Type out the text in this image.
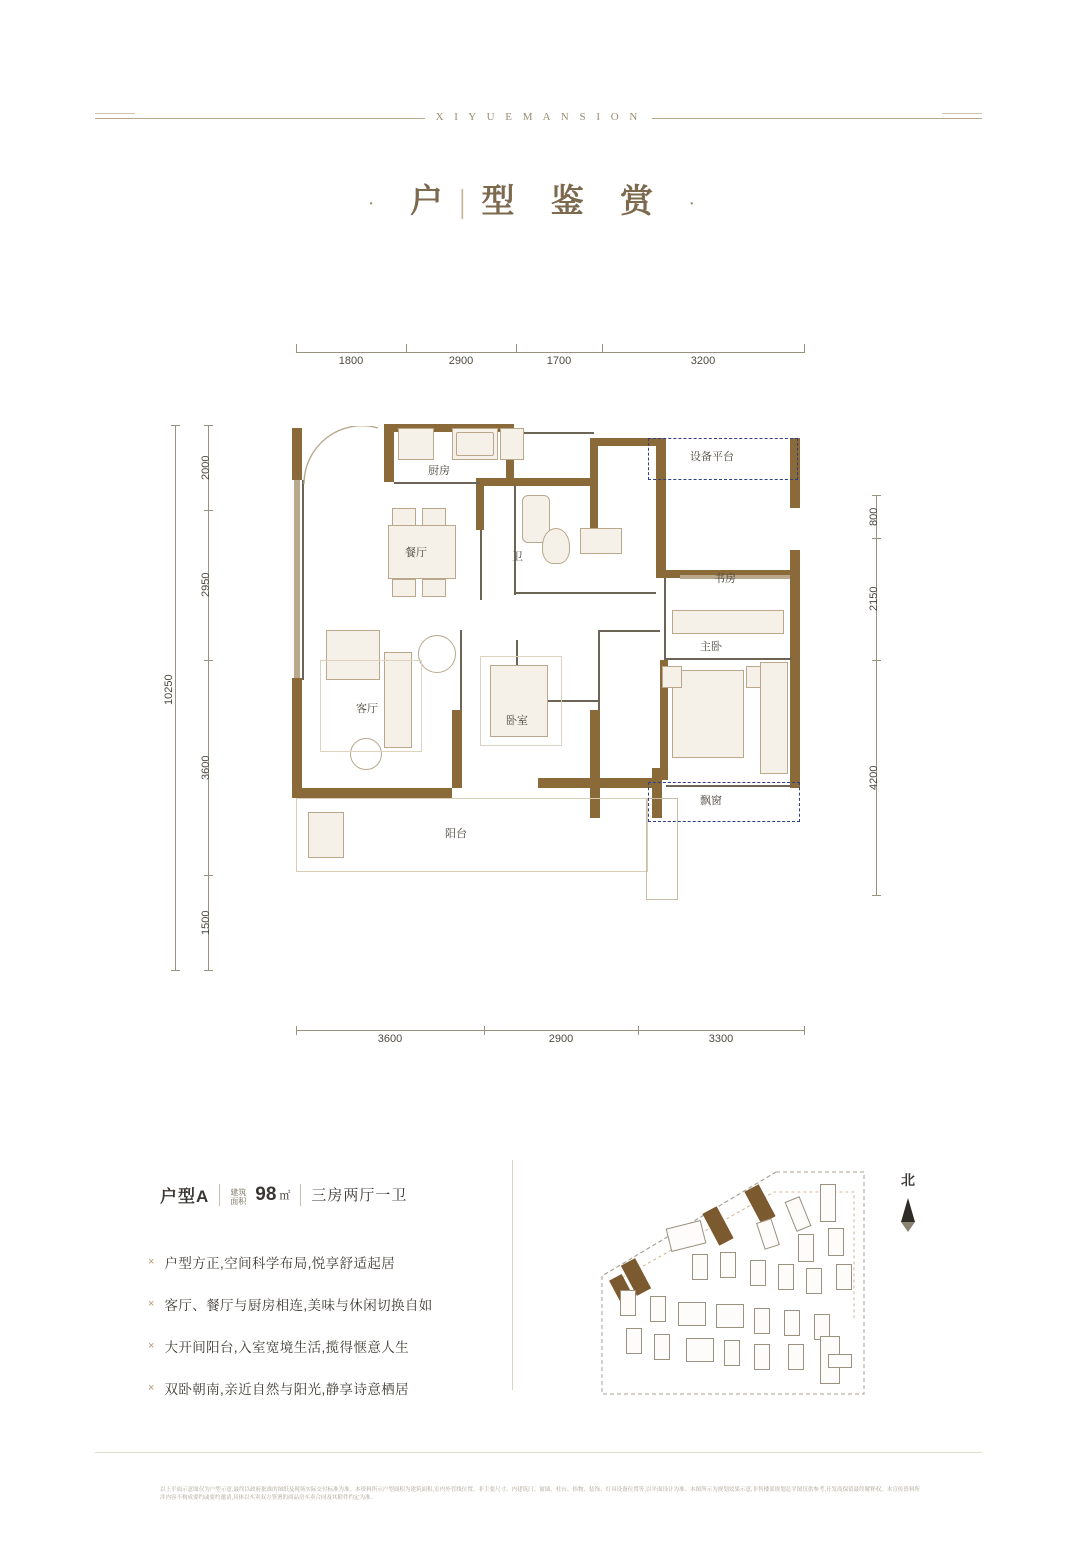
X I Y U E M A N S I O N
· 户|型 鉴 赏 ·
1800	2900	1700	3200
2000
2950
3600
1500
10250
800
2150
4200
3600	2900	3300
阳台
设备平台
飘窗
厨房
餐厅	卫
书房
客厅
卧室
主卧
户型A	建筑
面积 98 ㎡ 三房两厅一卫
× 户型方正,空间科学布局,悦享舒适起居
× 客厅、餐厅与厨房相连,美味与休闲切换自如
× 大开间阳台,入室宽境生活,揽得惬意人生
× 双卧朝南,亲近自然与阳光,静享诗意栖居
北
以上平面示意图仅为户型示意,最终以政府批准的图纸及现场实际交付标准为准。本资料所示户型面积为建筑面积,室内外管线位置、非主要尺寸、内建筑门、窗墙、柱台、抬物、装饰、灯具设备位置等,以平面设计为准。本图所示为规划效果示意,非售楼部规划总平图仅供参考,开发商保留最终解释权。本宣传资料所涉内容不构成要约或要约邀请,具体以买卖双方签署的商品房买卖合同及其附件约定为准。
